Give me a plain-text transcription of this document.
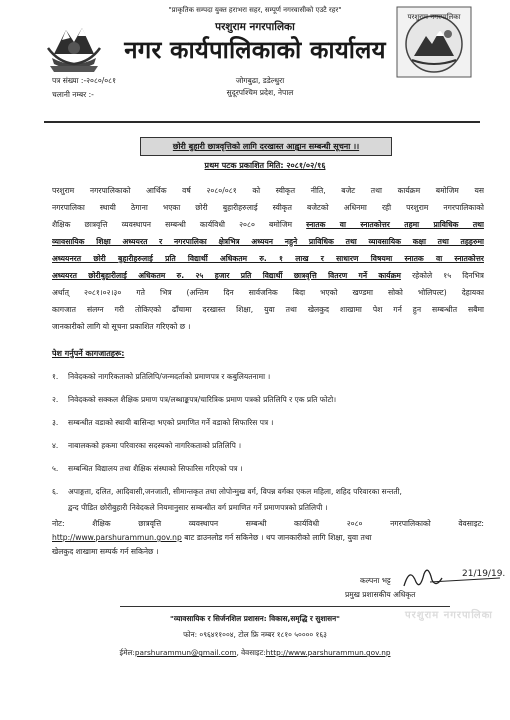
परशुराम नगरपालिका
"प्राकृतिक सम्पदा युक्त हराभरा सहर, सम्पूर्ण नगरवासीको एउटै रहर"
परशुराम नगरपालिका
नगर कार्यपालिकाको कार्यालय
पत्र संख्या :-२०८०/०८१
चलानी नम्बर :-
जोगबुढा, डडेल्धुरा
सुदूरपश्चिम प्रदेश, नेपाल
छोरी बुहारी छात्रवृत्तिको लागि दरखास्त आह्वान सम्बन्धी सूचना ।।
प्रथम पटक प्रकाशित मिति: २०८१/०२/१६
परशुराम नगरपालिकाको आर्थिक वर्ष २०८०/०८१ को स्वीकृत नीति, बजेट तथा कार्यक्रम बमोजिम यस
नगरपालिका स्थायी ठेगाना भएका छोरी बुहारीहरुलाई स्वीकृत बजेटको अधिनमा रही परशुराम नगरपालिकाको
शैक्षिक छात्रवृत्ति व्यवस्थापन सम्बन्धी कार्यविधी २०८० बमोजिम स्नातक वा स्नातकोत्तर तहमा प्राविधिक तथा
व्यावसायिक शिक्षा अध्ययरत र नगरपालिका क्षेत्रभित्र अध्ययन नहुने प्राविधिक तथा व्यावसायिक कक्षा तथा तहहरुमा
अध्ययनरत छोरी बुहारीहरुलाई प्रति विद्यार्थी अधिकतम रु. १ लाख र साधारण विषयमा स्नातक वा स्नातकोत्तर
अध्ययरत छोरीबुहारीलाई अधिकतम रु. २५ हजार प्रति विद्यार्थी छात्रवृत्ति वितरण गर्ने कार्यक्रम रहेकोले १५ दिनभित्र
अर्थात् २०८१।०२।३० गते भित्र (अन्तिम दिन सार्वजनिक बिदा भएको खण्डमा सोको भोलिपल्ट) देहायका
कागजात संलग्न गरी तोकिएको ढाँचामा दरखास्त शिक्षा, युवा तथा खेलकुद शाखामा पेश गर्न हुन सम्बन्धीत सबैमा
जानकारीको लागि यो सूचना प्रकाशित गरिएको छ ।
पेश गर्नुपर्ने कागजातहरू:
१. निवेदकको नागरिकताको प्रतिलिपि/जन्मदर्ताको प्रमाणपत्र र कबुलियतनामा ।
२. निवेदकको सक्कल शैक्षिक प्रमाण पत्र/लब्धाङ्कपत्र/चारित्रिक प्रमाण पत्रको प्रतिलिपि र एक प्रति फोटो।
३. सम्बन्धीत वडाको स्थायी बासिन्दा भएको प्रमाणित गर्ने वडाको सिफारिस पत्र ।
४. नाबालकको हकमा परिवारका सदस्यको नागरिकताको प्रतिलिपि ।
५. सम्बन्धित विद्यालय तथा शैक्षिक संस्थाको सिफारिस गरिएको पत्र ।
६. अपाङ्गता, दलित, आदिवासी,जनजाती, सीमान्तकृत तथा लोपोन्मुख वर्ग, विपन्न वर्गका एकल महिला, शहिद परिवारका सन्तती,
द्वन्द पीडित छोरीबुहारी निवेदकले नियमानुसार सम्बन्धीत वर्ग प्रमाणित गर्ने प्रमाणपत्रको प्रतिलिपी ।
नोट: शैक्षिक छात्रवृत्ति व्यवस्थापन सम्बन्धी कार्यविधी २०८० नगरपालिकाको वेवसाइट:
http://www.parshurammun.gov.np बाट डाउनलोड गर्न सकिनेछ । थप जानकारीको लागि शिक्षा, युवा तथा
खेलकुद शाखामा सम्पर्क गर्न सकिनेछ ।
21/19/19.
कल्पना भट्ट
प्रमुख प्रशासकीय अधिकृत
परशुराम नगरपालिका
"व्यावसायिक र सिर्जनशिल प्रशासन: विकास,समृद्धि र सुशासन"
फोन: ०९६४११००४, टोल फ्रि नम्बर १८१० ५०००० १६३
ईमेल:parshurammun@gmail.com, वेवसाइट:http://www.parshurammun.gov.np
